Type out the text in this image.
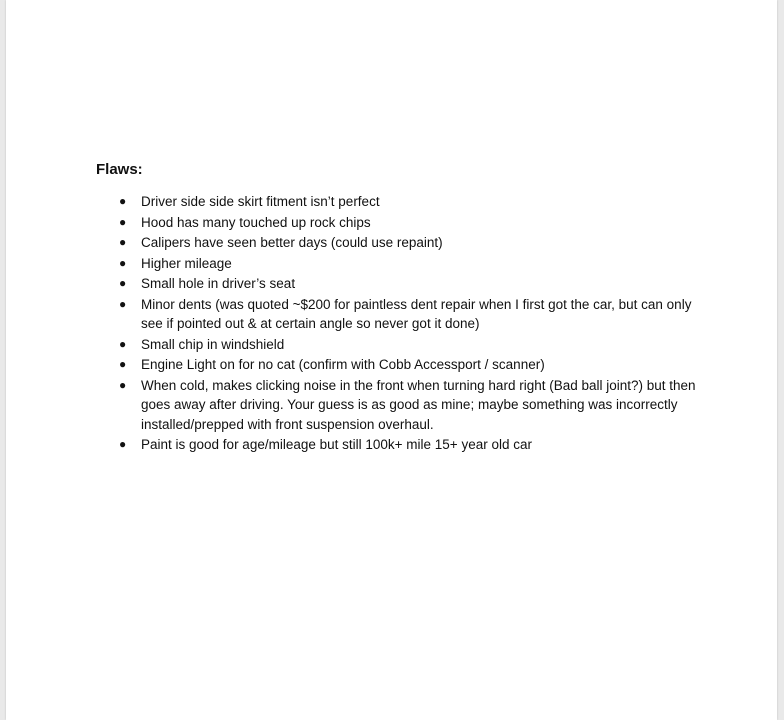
Flaws:

● Driver side side skirt fitment isn’t perfect
● Hood has many touched up rock chips
● Calipers have seen better days (could use repaint)
● Higher mileage
● Small hole in driver’s seat
● Minor dents (was quoted ~$200 for paintless dent repair when I first got the car, but can only see if pointed out & at certain angle so never got it done)
● Small chip in windshield
● Engine Light on for no cat (confirm with Cobb Accessport / scanner)
● When cold, makes clicking noise in the front when turning hard right (Bad ball joint?) but then goes away after driving. Your guess is as good as mine; maybe something was incorrectly installed/prepped with front suspension overhaul.
● Paint is good for age/mileage but still 100k+ mile 15+ year old car
